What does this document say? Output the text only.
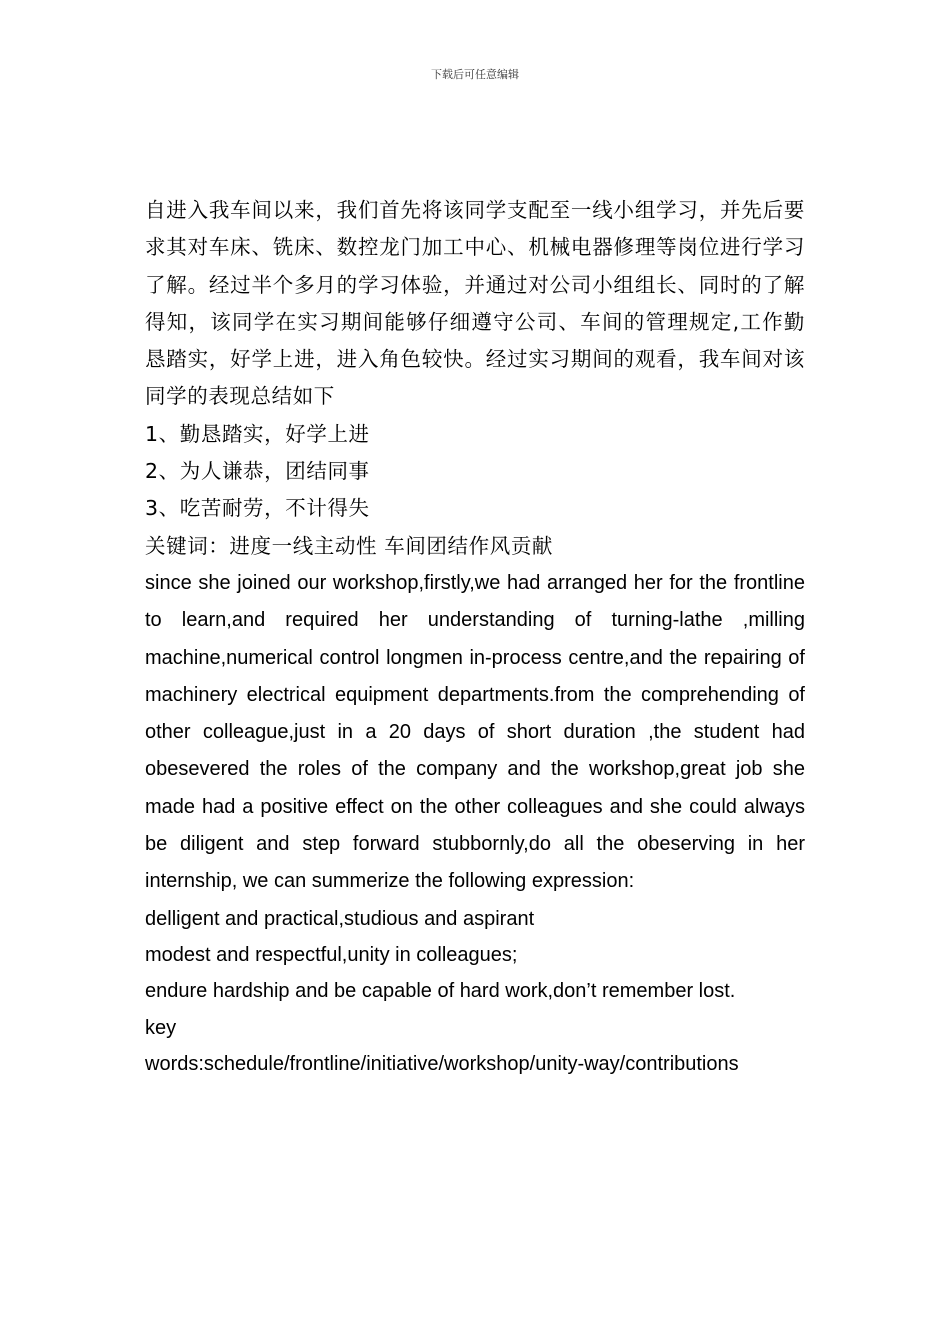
下载后可任意编辑

自进入我车间以来，我们首先将该同学支配至一线小组学习，并先后要求其对车床、铣床、数控龙门加工中心、机械电器修理等岗位进行学习了解。经过半个多月的学习体验，并通过对公司小组组长、同时的了解得知，该同学在实习期间能够仔细遵守公司、车间的管理规定,工作勤恳踏实，好学上进，进入角色较快。经过实习期间的观看，我车间对该同学的表现总结如下

1、勤恳踏实，好学上进

2、为人谦恭，团结同事

3、吃苦耐劳，不计得失

关键词：进度一线主动性 车间团结作风贡献

since she joined our workshop,firstly,we had arranged her for the frontline to learn,and required her understanding of turning-lathe ,milling machine,numerical control longmen in-process centre,and the repairing of machinery electrical equipment departments.from the comprehending of other colleague,just in a 20 days of short duration ,the student had obesevered the roles of the company and the workshop,great job she made had a positive effect on the other colleagues and she could always be diligent and step forward stubbornly,do all the obeserving in her internship, we can summerize the following expression:

delligent and practical,studious and aspirant

modest and respectful,unity in colleagues;

endure hardship and be capable of hard work,don’t remember lost.

key

words:schedule/frontline/initiative/workshop/unity-way/contributions
